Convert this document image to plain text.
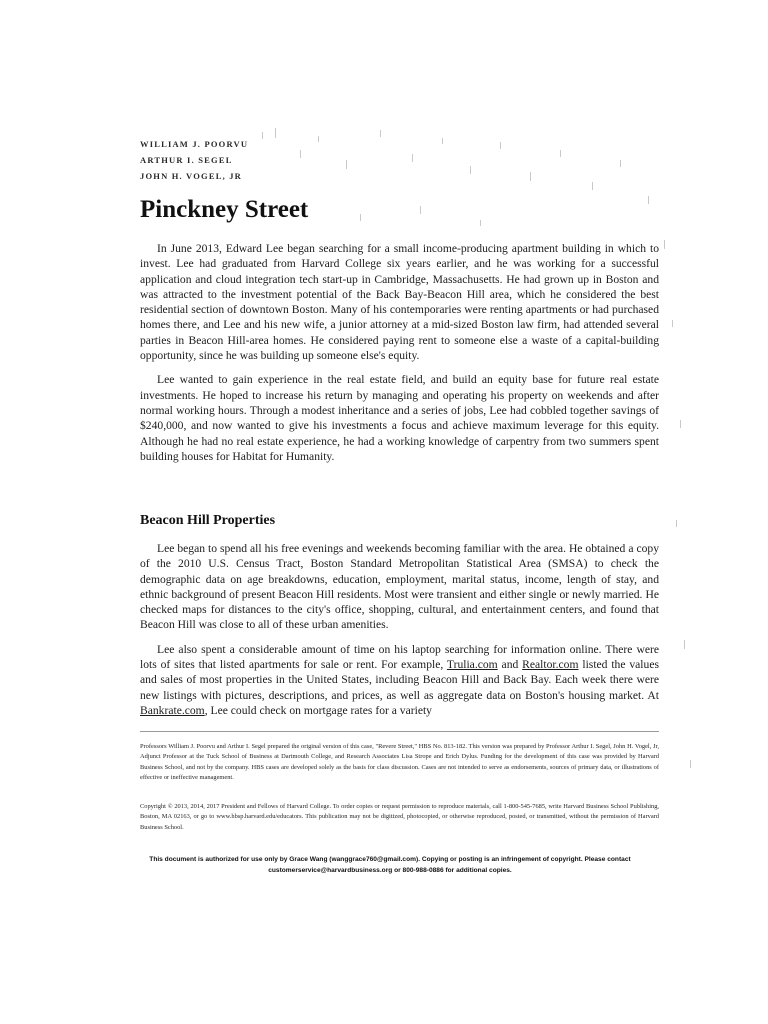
WILLIAM J. POORVU
ARTHUR I. SEGEL
JOHN H. VOGEL, JR
Pinckney Street

In June 2013, Edward Lee began searching for a small income-producing apartment building in which to invest. Lee had graduated from Harvard College six years earlier, and he was working for a successful application and cloud integration tech start-up in Cambridge, Massachusetts. He had grown up in Boston and was attracted to the investment potential of the Back Bay-Beacon Hill area, which he considered the best residential section of downtown Boston. Many of his contemporaries were renting apartments or had purchased homes there, and Lee and his new wife, a junior attorney at a mid-sized Boston law firm, had attended several parties in Beacon Hill-area homes. He considered paying rent to someone else a waste of a capital-building opportunity, since he was building up someone else's equity.

Lee wanted to gain experience in the real estate field, and build an equity base for future real estate investments. He hoped to increase his return by managing and operating his property on weekends and after normal working hours. Through a modest inheritance and a series of jobs, Lee had cobbled together savings of $240,000, and now wanted to give his investments a focus and achieve maximum leverage for this equity. Although he had no real estate experience, he had a working knowledge of carpentry from two summers spent building houses for Habitat for Humanity.

Beacon Hill Properties

Lee began to spend all his free evenings and weekends becoming familiar with the area. He obtained a copy of the 2010 U.S. Census Tract, Boston Standard Metropolitan Statistical Area (SMSA) to check the demographic data on age breakdowns, education, employment, marital status, income, length of stay, and ethnic background of present Beacon Hill residents. Most were transient and either single or newly married. He checked maps for distances to the city's office, shopping, cultural, and entertainment centers, and found that Beacon Hill was close to all of these urban amenities.

Lee also spent a considerable amount of time on his laptop searching for information online. There were lots of sites that listed apartments for sale or rent. For example, Trulia.com and Realtor.com listed the values and sales of most properties in the United States, including Beacon Hill and Back Bay. Each week there were new listings with pictures, descriptions, and prices, as well as aggregate data on Boston's housing market. At Bankrate.com, Lee could check on mortgage rates for a variety

Professors William J. Poorvu and Arthur I. Segel prepared the original version of this case, "Revere Street," HBS No. 813-182. This version was prepared by Professor Arthur I. Segel, John H. Vogel, Jr, Adjunct Professor at the Tuck School of Business at Dartmouth College, and Research Associates Lisa Strope and Erich Dylus. Funding for the development of this case was provided by Harvard Business School, and not by the company. HBS cases are developed solely as the basis for class discussion. Cases are not intended to serve as endorsements, sources of primary data, or illustrations of effective or ineffective management.

Copyright © 2013, 2014, 2017 President and Fellows of Harvard College. To order copies or request permission to reproduce materials, call 1-800-545-7685, write Harvard Business School Publishing, Boston, MA 02163, or go to www.hbsp.harvard.edu/educators. This publication may not be digitized, photocopied, or otherwise reproduced, posted, or transmitted, without the permission of Harvard Business School.

This document is authorized for use only by Grace Wang (wanggrace760@gmail.com). Copying or posting is an infringement of copyright. Please contact
customerservice@harvardbusiness.org or 800-988-0886 for additional copies.
